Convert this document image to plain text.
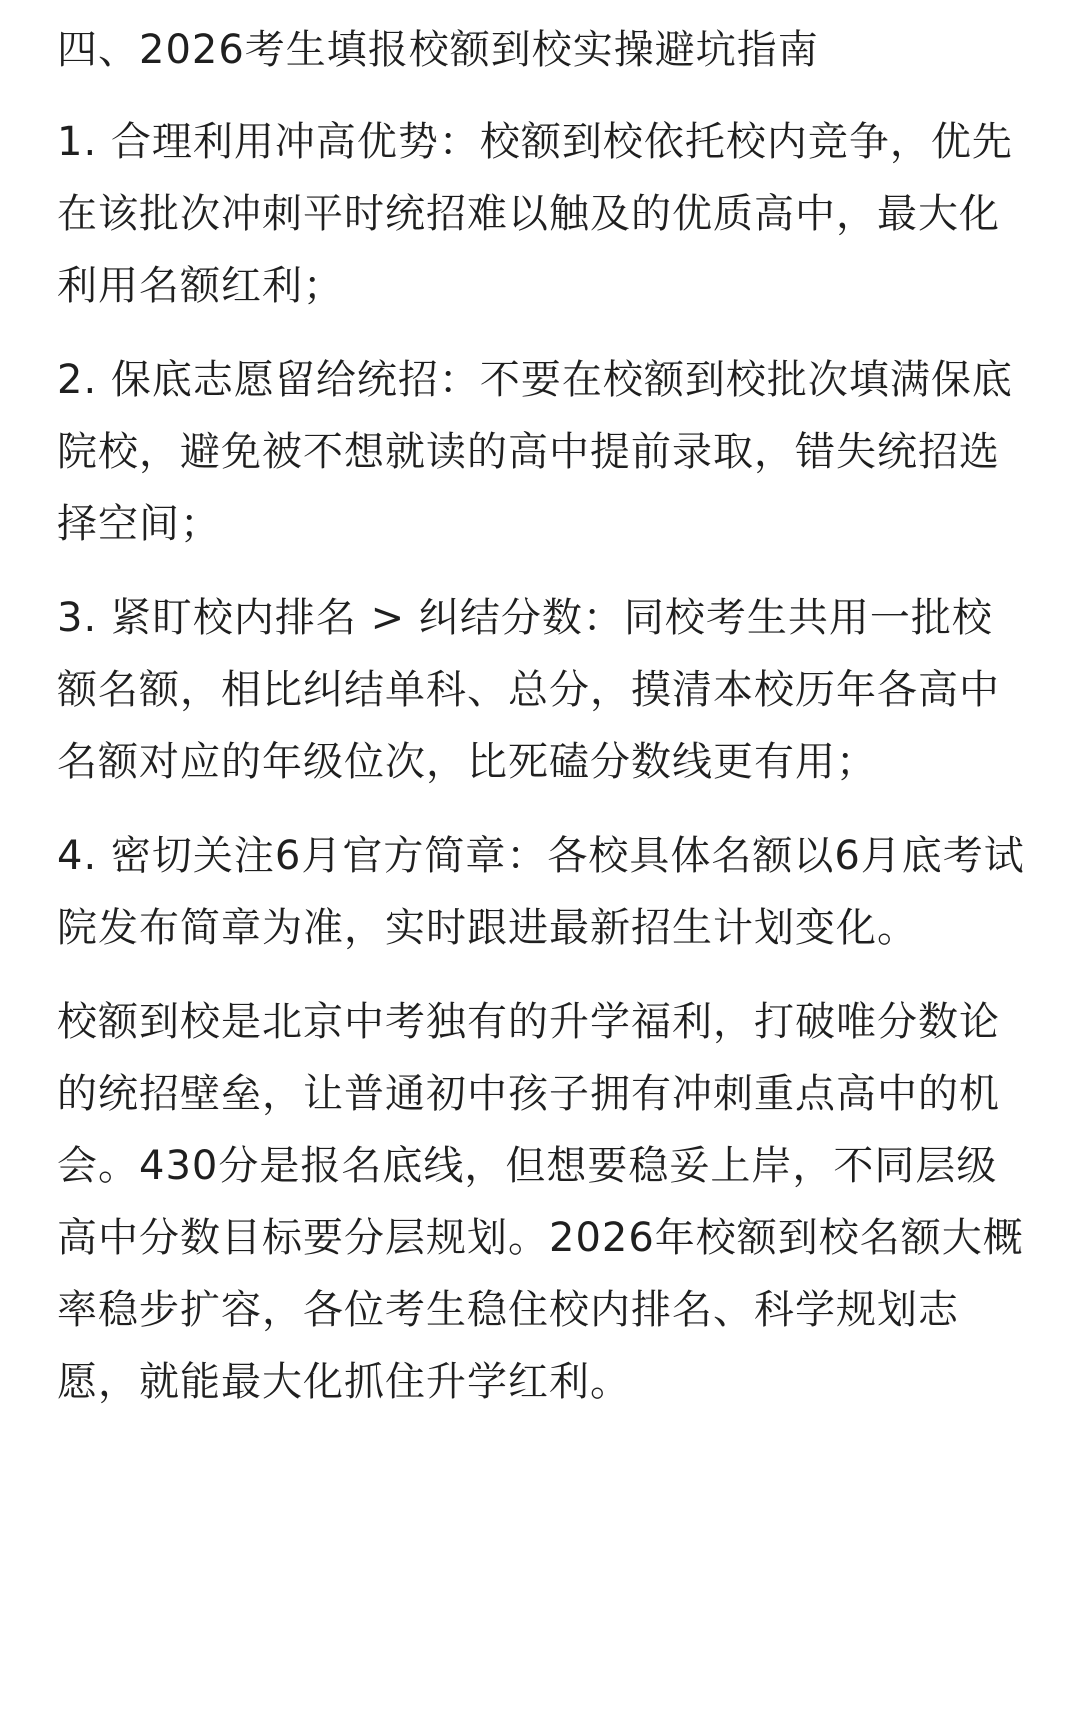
四、2026考生填报校额到校实操避坑指南

1. 合理利用冲高优势：校额到校依托校内竞争，优先在该批次冲刺平时统招难以触及的优质高中，最大化利用名额红利；

2. 保底志愿留给统招：不要在校额到校批次填满保底院校，避免被不想就读的高中提前录取，错失统招选择空间；

3. 紧盯校内排名 > 纠结分数：同校考生共用一批校额名额，相比纠结单科、总分，摸清本校历年各高中名额对应的年级位次，比死磕分数线更有用；

4. 密切关注6月官方简章：各校具体名额以6月底考试院发布简章为准，实时跟进最新招生计划变化。

校额到校是北京中考独有的升学福利，打破唯分数论的统招壁垒，让普通初中孩子拥有冲刺重点高中的机会。430分是报名底线，但想要稳妥上岸，不同层级高中分数目标要分层规划。2026年校额到校名额大概率稳步扩容，各位考生稳住校内排名、科学规划志愿，就能最大化抓住升学红利。
